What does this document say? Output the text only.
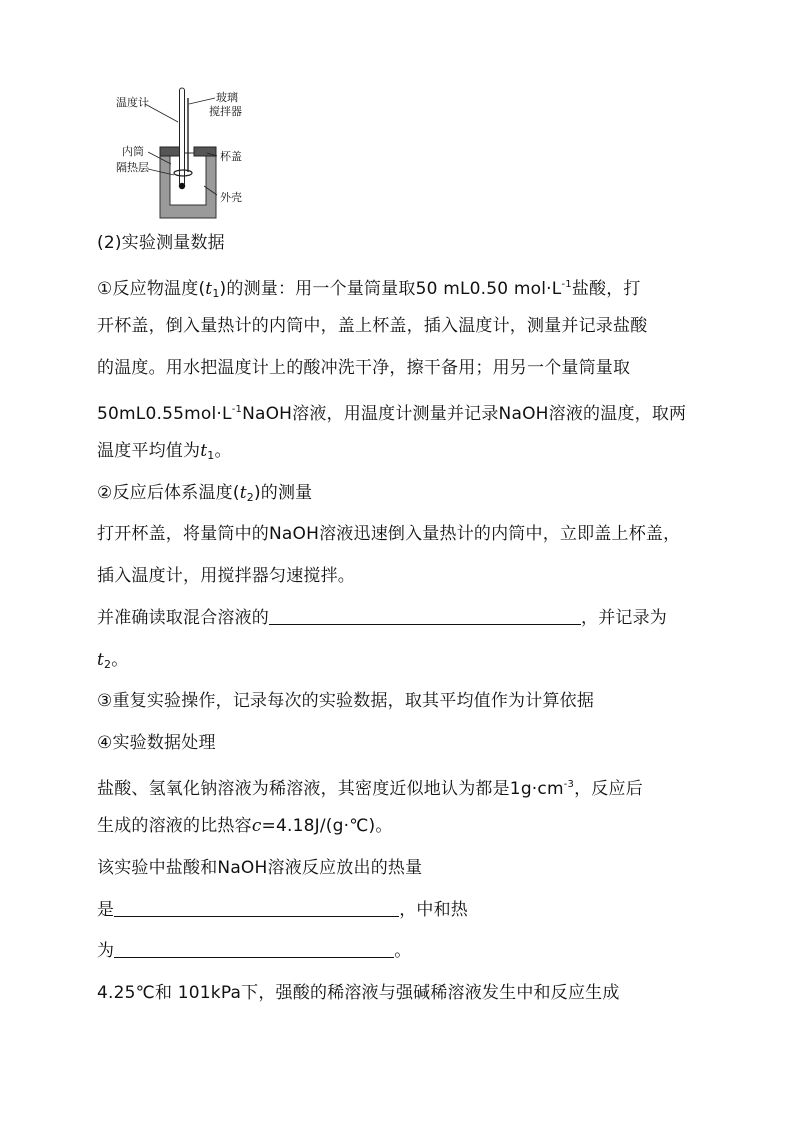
温度计	玻璃
搅拌器
内筒
隔热层
杯盖
外壳
(2)实验测量数据
①反应物温度$(t_1)$的测量：用一个量筒量取50 mL0.50 $mol\cdot L^{-1}$盐酸，打
开杯盖，倒入量热计的内筒中，盖上杯盖，插入温度计，测量并记录盐酸
的温度。用水把温度计上的酸冲洗干净，擦干备用；用另一个量筒量取
$50mL0.55mol\cdot L^{-1}NaOH$溶液，用温度计测量并记录NaOH溶液的温度，取两
温度平均值为$t_1$。
②反应后体系温度$(t_2)$的测量
打开杯盖，将量筒中的NaOH溶液迅速倒入量热计的内筒中，立即盖上杯盖，
插入温度计，用搅拌器匀速搅拌。
并准确读取混合溶液的	，并记录为
$t_2$。
③重复实验操作，记录每次的实验数据，取其平均值作为计算依据
④实验数据处理
盐酸、氢氧化钠溶液为稀溶液，其密度近似地认为都是$1g\cdot cm^{-3}$，反应后
生成的溶液的比热容c=4.18J/(g·℃)。
该实验中盐酸和NaOH溶液反应放出的热量
是	，中和热
为	。
4.25℃和 101kPa下，强酸的稀溶液与强碱稀溶液发生中和反应生成
